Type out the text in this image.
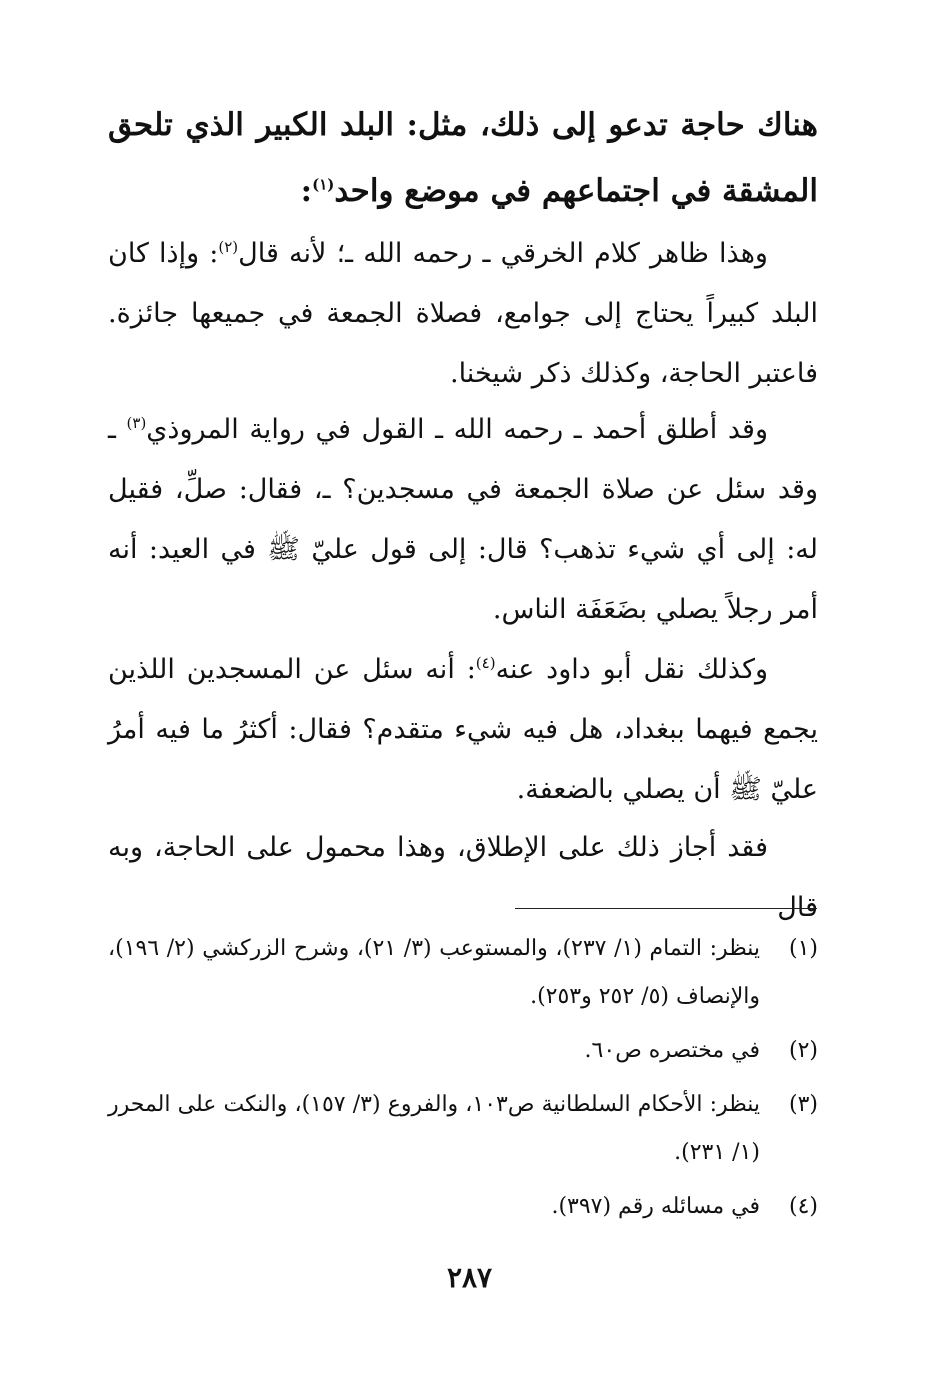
هناك حاجة تدعو إلى ذلك، مثل: البلد الكبير الذي تلحق المشقة في اجتماعهم في موضع واحد$^{(١)}$:
وهذا ظاهر كلام الخرقي ـ رحمه الله ـ؛ لأنه قال$^{(٢)}$: وإذا كان البلد كبيراً يحتاج إلى جوامع، فصلاة الجمعة في جميعها جائزة. فاعتبر الحاجة، وكذلك ذكر شيخنا.
وقد أطلق أحمد ـ رحمه الله ـ القول في رواية المروذي$^{(٣)}$ ـ وقد سئل عن صلاة الجمعة في مسجدين؟ ـ، فقال: صلِّ، فقيل له: إلى أي شيء تذهب؟ قال: إلى قول عليّ ﷺ في العيد: أنه أمر رجلاً يصلي بضَعَفَة الناس.
وكذلك نقل أبو داود عنه$^{(٤)}$: أنه سئل عن المسجدين اللذين يجمع فيهما ببغداد، هل فيه شيء متقدم؟ فقال: أكثرُ ما فيه أمرُ عليّ ﷺ أن يصلي بالضعفة.
فقد أجاز ذلك على الإطلاق، وهذا محمول على الحاجة، وبه قال
(١)
ينظر: التمام (١/ ٢٣٧)، والمستوعب (٣/ ٢١)، وشرح الزركشي (٢/ ١٩٦)، والإنصاف (٥/ ٢٥٢ و٢٥٣).
(٢)
في مختصره ص٦٠.
(٣)
ينظر: الأحكام السلطانية ص١٠٣، والفروع (٣/ ١٥٧)، والنكت على المحرر (١/ ٢٣١).
(٤)
في مسائله رقم (٣٩٧).
٢٨٧
